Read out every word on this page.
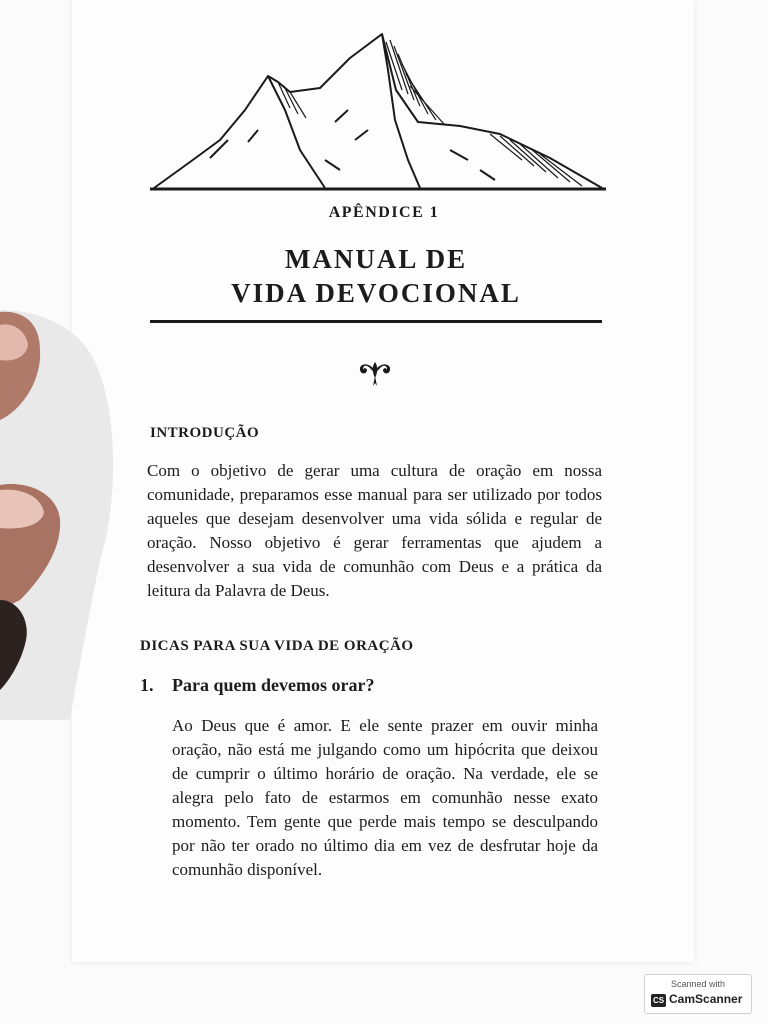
APÊNDICE 1
MANUAL DE
VIDA DEVOCIONAL
INTRODUÇÃO

Com o objetivo de gerar uma cultura de oração em nossa comunidade, preparamos esse manual para ser utilizado por todos aqueles que desejam desenvolver uma vida sólida e regular de oração. Nosso objetivo é gerar ferramentas que ajudem a desenvolver a sua vida de comunhão com Deus e a prática da leitura da Palavra de Deus.

DICAS PARA SUA VIDA DE ORAÇÃO
1. Para quem devemos orar?

Ao Deus que é amor. E ele sente prazer em ouvir minha oração, não está me julgando como um hipócrita que deixou de cumprir o último horário de oração. Na verdade, ele se alegra pelo fato de estarmos em comunhão nesse exato momento. Tem gente que perde mais tempo se desculpando por não ter orado no último dia em vez de desfrutar hoje da comunhão disponível.

Scanned with
CS CamScanner
